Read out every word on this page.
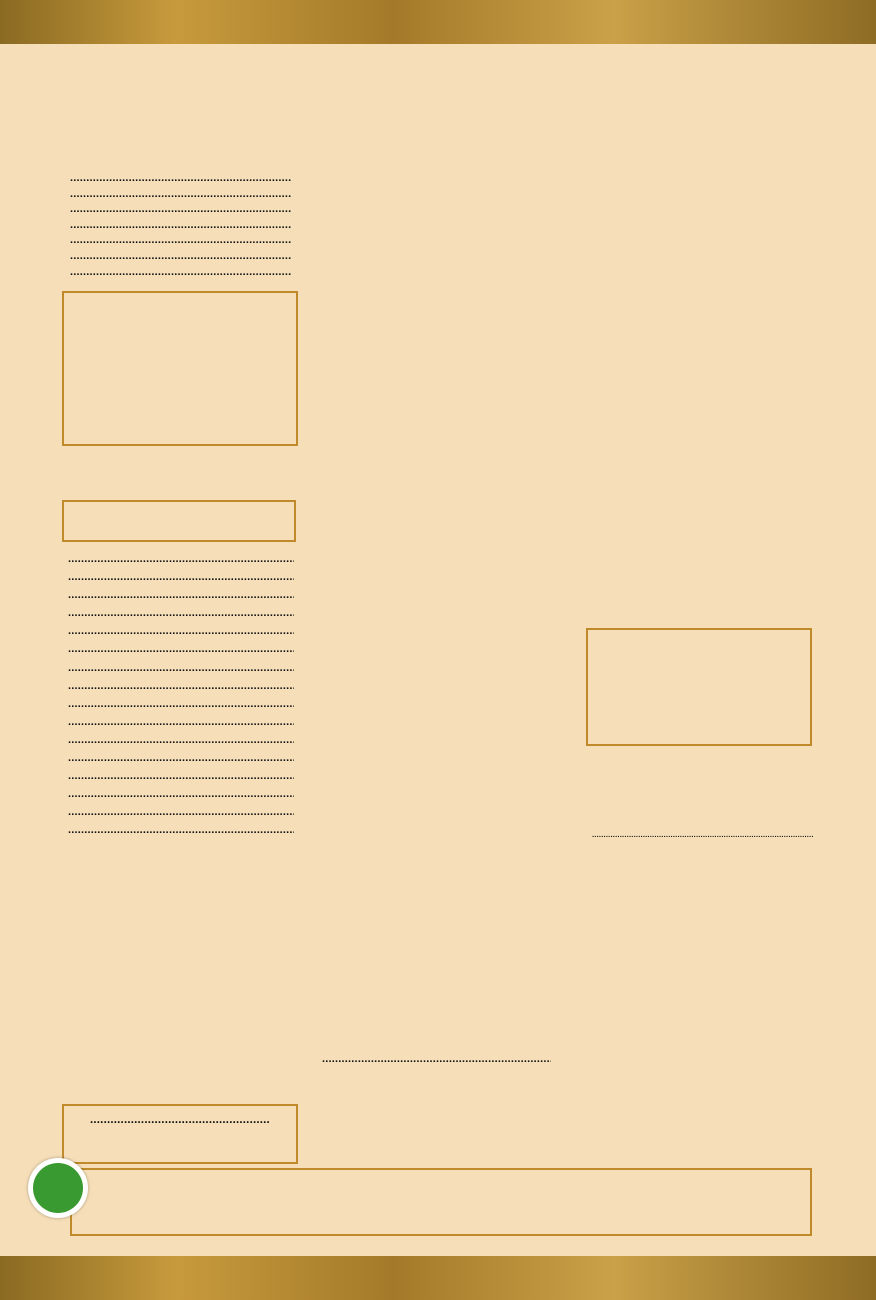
.....
.....
.....
.....
.....
.....
.....
.....
.....
.....
.....
.....
.....
.....
.....
.....
.....
.....
.....
.....
.....
.....
.....
.....
.....
.....
